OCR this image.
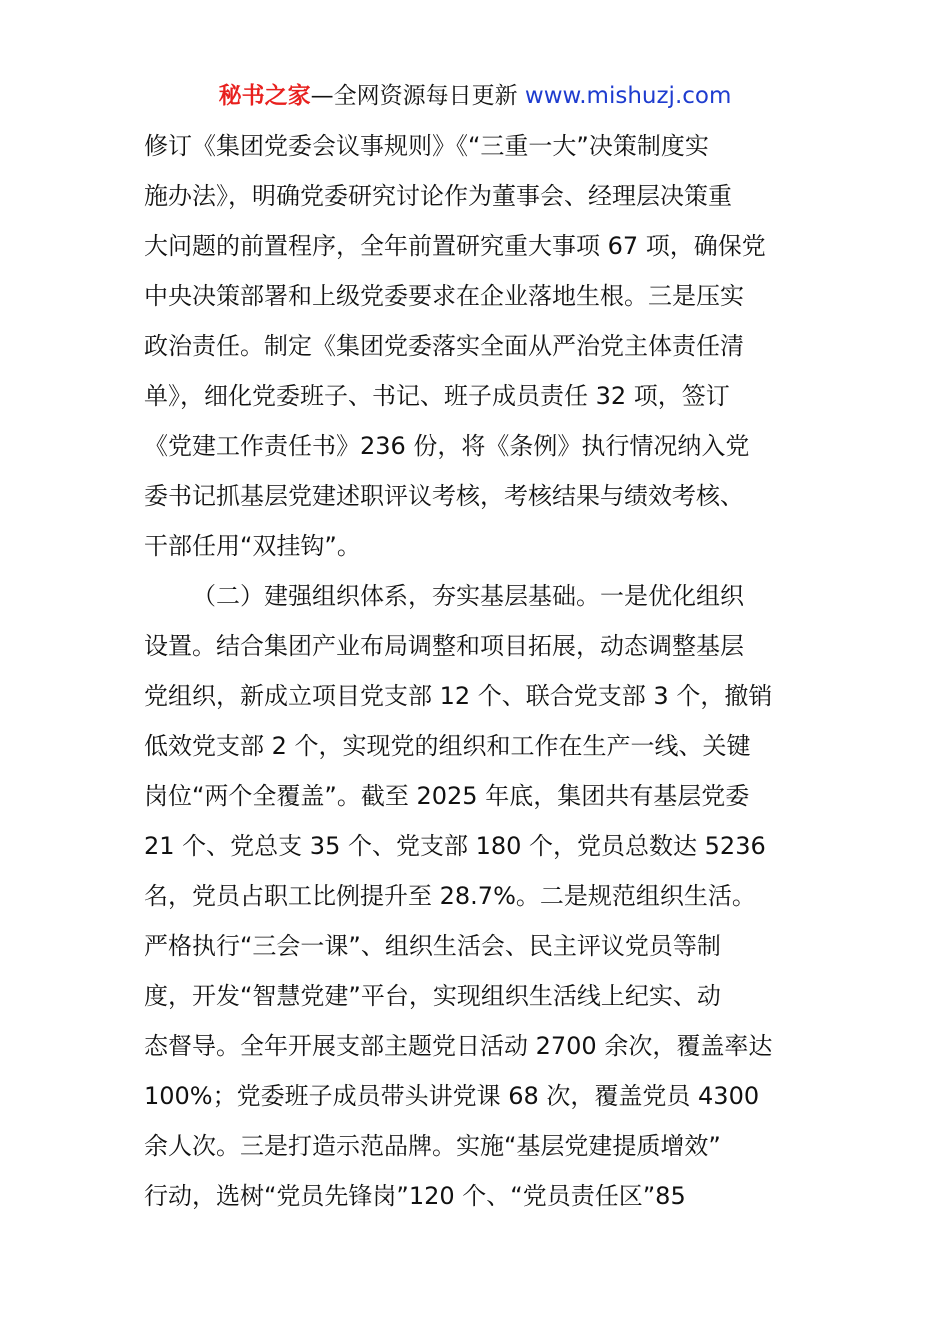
秘书之家—全网资源每日更新 www.mishuzj.com
修订《集团党委会议事规则》《“三重一大”决策制度实
施办法》，明确党委研究讨论作为董事会、经理层决策重
大问题的前置程序，全年前置研究重大事项 67 项，确保党
中央决策部署和上级党委要求在企业落地生根。三是压实
政治责任。制定《集团党委落实全面从严治党主体责任清
单》，细化党委班子、书记、班子成员责任 32 项，签订
《党建工作责任书》236 份，将《条例》执行情况纳入党
委书记抓基层党建述职评议考核，考核结果与绩效考核、
干部任用“双挂钩”。
（二）建强组织体系，夯实基层基础。一是优化组织
设置。结合集团产业布局调整和项目拓展，动态调整基层
党组织，新成立项目党支部 12 个、联合党支部 3 个，撤销
低效党支部 2 个，实现党的组织和工作在生产一线、关键
岗位“两个全覆盖”。截至 2025 年底，集团共有基层党委
21 个、党总支 35 个、党支部 180 个，党员总数达 5236
名，党员占职工比例提升至 28.7%。二是规范组织生活。
严格执行“三会一课”、组织生活会、民主评议党员等制
度，开发“智慧党建”平台，实现组织生活线上纪实、动
态督导。全年开展支部主题党日活动 2700 余次，覆盖率达
100%；党委班子成员带头讲党课 68 次，覆盖党员 4300
余人次。三是打造示范品牌。实施“基层党建提质增效”
行动，选树“党员先锋岗”120 个、“党员责任区”85
